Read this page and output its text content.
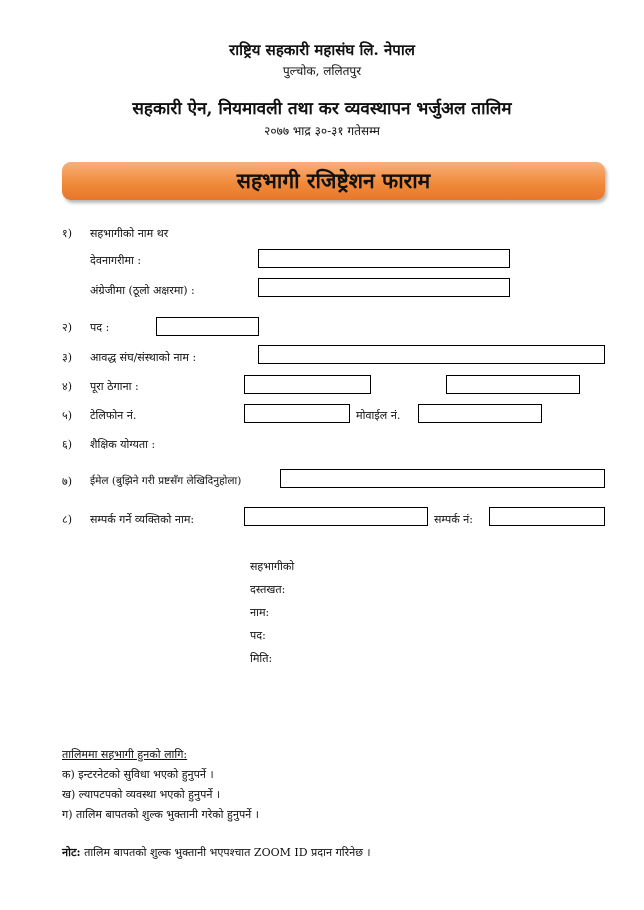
राष्ट्रिय सहकारी महासंघ लि. नेपाल
पुल्चोक, ललितपुर
सहकारी ऐन, नियमावली तथा कर व्यवस्थापन भर्जुअल तालिम
२०७७ भाद्र ३०-३१ गतेसम्म
सहभागी रजिष्ट्रेशन फाराम
१) सहभागीको नाम थर
देवनागरीमा :
अंग्रेजीमा (ठूलो अक्षरमा) :
२) पद :
३) आवद्ध संघ/संस्थाको नाम :
४) पूरा ठेगाना :
५) टेलिफोन नं.	मोवाईल नं.
६) शैक्षिक योग्यता :
७) ईमेल (बुझिने गरी प्रष्टसँग लेखिदिनुहोला)
८) सम्पर्क गर्ने व्यक्तिको नाम:	सम्पर्क नं:
सहभागीको
दस्तखत:
नाम:
पद:
मिति:
तालिममा सहभागी हुनको लागि:
क) इन्टरनेटको सुविधा भएको हुनुपर्ने ।
ख) ल्यापटपको व्यवस्था भएको हुनुपर्ने ।
ग) तालिम बापतको शुल्क भुक्तानी गरेको हुनुपर्ने ।
नोट: तालिम बापतको शुल्क भुक्तानी भएपश्चात ZOOM ID प्रदान गरिनेछ ।
